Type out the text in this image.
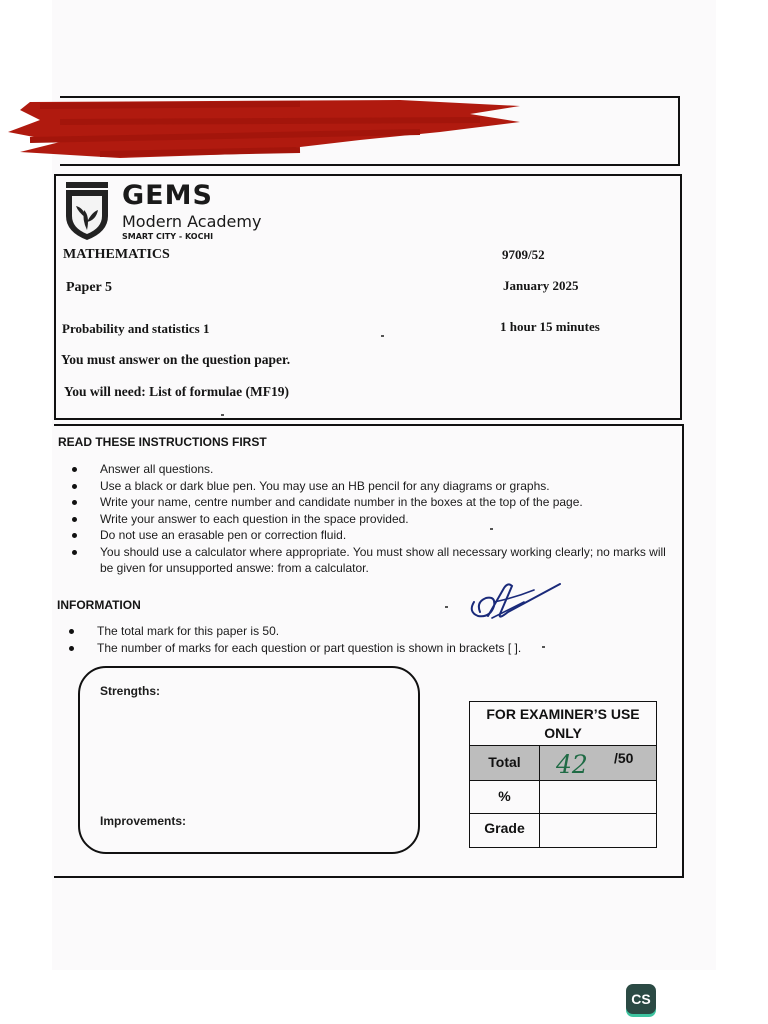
GEMS
Modern Academy
SMART CITY - KOCHI
MATHEMATICS	9709/52
Paper 5	January 2025
Probability and statistics 1	1 hour 15 minutes
You must answer on the question paper.
You will need: List of formulae (MF19)
READ THESE INSTRUCTIONS FIRST
Answer all questions.
Use a black or dark blue pen. You may use an HB pencil for any diagrams or graphs.
Write your name, centre number and candidate number in the boxes at the top of the page.
Write your answer to each question in the space provided.
Do not use an erasable pen or correction fluid.
You should use a calculator where appropriate. You must show all necessary working clearly; no marks will be given for unsupported answe⁠: from a calculator.
INFORMATION
The total mark for this paper is 50.
The number of marks for each question or part question is shown in brackets [ ].
Strengths:
Improvements:
FOR EXAMINER’S USE ONLY
Total	42 /50
%
Grade
CS
